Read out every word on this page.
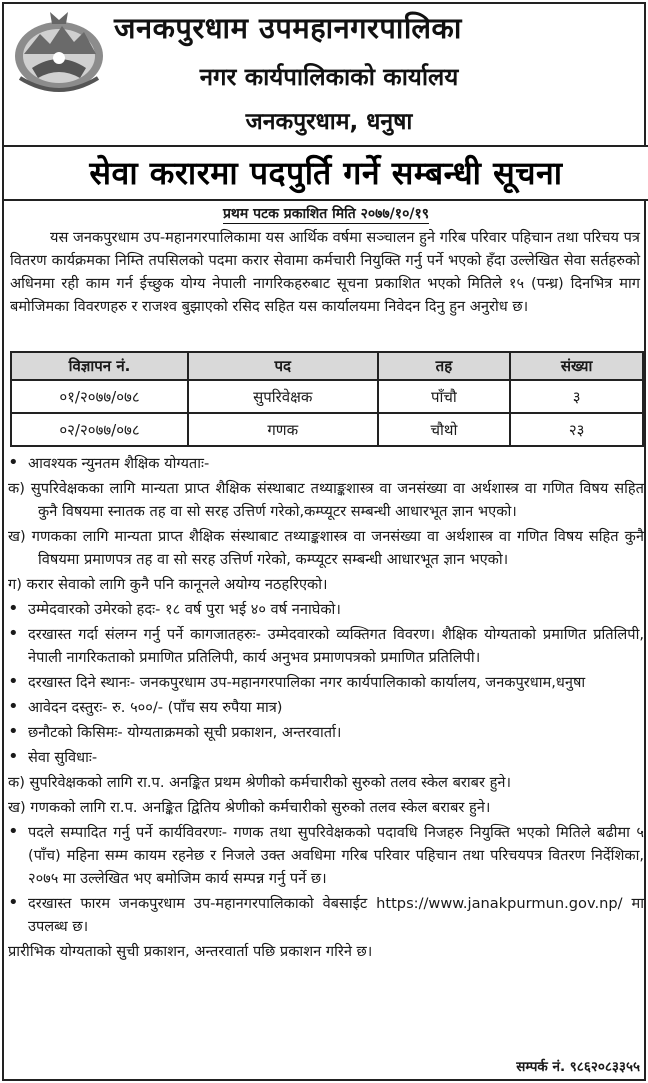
जनकपुरधाम उपमहानगरपालिका
नगर कार्यपालिकाको कार्यालय
जनकपुरधाम, धनुषा
सेवा करारमा पदपुर्ति गर्ने सम्बन्धी सूचना
प्रथम पटक प्रकाशित मिति २०७७/१०/१९

यस जनकपुरधाम उप-महानगरपालिकामा यस आर्थिक वर्षमा सञ्चालन हुने गरिब परिवार पहिचान तथा परिचय पत्र वितरण कार्यक्रमका निम्ति तपसिलको पदमा करार सेवामा कर्मचारी नियुक्ति गर्नु पर्ने भएको हँदा उल्लेखित सेवा सर्तहरुको अधिनमा रही काम गर्न ईच्छुक योग्य नेपाली नागरिकहरुबाट सूचना प्रकाशित भएको मितिले १५ (पन्ध्र) दिनभित्र माग बमोजिमका विवरणहरु र राजश्व बुझाएको रसिद सहित यस कार्यालयमा निवेदन दिनु हुन अनुरोध छ।

विज्ञापन नं.	पद	तह	संख्या
०१/२०७७/०७८	सुपरिवेक्षक	पाँचौ	३
०२/२०७७/०७८	गणक	चौथो	२३
• आवश्यक न्युनतम शैक्षिक योग्यताः-
क) सुपरिवेक्षकका लागि मान्यता प्राप्त शैक्षिक संस्थाबाट तथ्याङ्कशास्त्र वा जनसंख्या वा अर्थशास्त्र वा गणित विषय सहित कुनै विषयमा स्नातक तह वा सो सरह उत्तिर्ण गरेको,कम्प्यूटर सम्बन्धी आधारभूत ज्ञान भएको।
ख) गणकका लागि मान्यता प्राप्त शैक्षिक संस्थाबाट तथ्याङ्कशास्त्र वा जनसंख्या वा अर्थशास्त्र वा गणित विषय सहित कुनै विषयमा प्रमाणपत्र तह वा सो सरह उत्तिर्ण गरेको, कम्प्यूटर सम्बन्धी आधारभूत ज्ञान भएको।
ग) करार सेवाको लागि कुनै पनि कानूनले अयोग्य नठहरिएको।
• उम्मेदवारको उमेरको हदः- १८ वर्ष पुरा भई ४० वर्ष ननाघेको।
• दरखास्त गर्दा संलग्न गर्नु पर्ने कागजातहरुः- उम्मेदवारको व्यक्तिगत विवरण। शैक्षिक योग्यताको प्रमाणित प्रतिलिपी, नेपाली नागरिकताको प्रमाणित प्रतिलिपी, कार्य अनुभव प्रमाणपत्रको प्रमाणित प्रतिलिपी।
• दरखास्त दिने स्थानः- जनकपुरधाम उप-महानगरपालिका नगर कार्यपालिकाको कार्यालय, जनकपुरधाम,धनुषा
• आवेदन दस्तुरः- रु. ५००/- (पाँच सय रुपैया मात्र)
• छनौटको किसिमः- योग्यताक्रमको सूची प्रकाशन, अन्तरवार्ता।
• सेवा सुविधाः-
क) सुपरिवेक्षकको लागि रा.प. अनङ्कित प्रथम श्रेणीको कर्मचारीको सुरुको तलव स्केल बराबर हुने।
ख) गणकको लागि रा.प. अनङ्कित द्वितिय श्रेणीको कर्मचारीको सुरुको तलव स्केल बराबर हुने।
• पदले सम्पादित गर्नु पर्ने कार्यविवरणः- गणक तथा सुपरिवेक्षकको पदावधि निजहरु नियुक्ति भएको मितिले बढीमा ५ (पाँच) महिना सम्म कायम रहनेछ र निजले उक्त अवधिमा गरिब परिवार पहिचान तथा परिचयपत्र वितरण निर्देशिका, २०७५ मा उल्लेखित भए बमोजिम कार्य सम्पन्न गर्नु पर्ने छ।
• दरखास्त फारम जनकपुरधाम उप-महानगरपालिकाको वेबसाईट https://www.janakpurmun.gov.np/ मा उपलब्ध छ।
प्रारीभिक योग्यताको सुची प्रकाशन, अन्तरवार्ता पछि प्रकाशन गरिने छ।
सम्पर्क नं. ९८६२०८३३५५
